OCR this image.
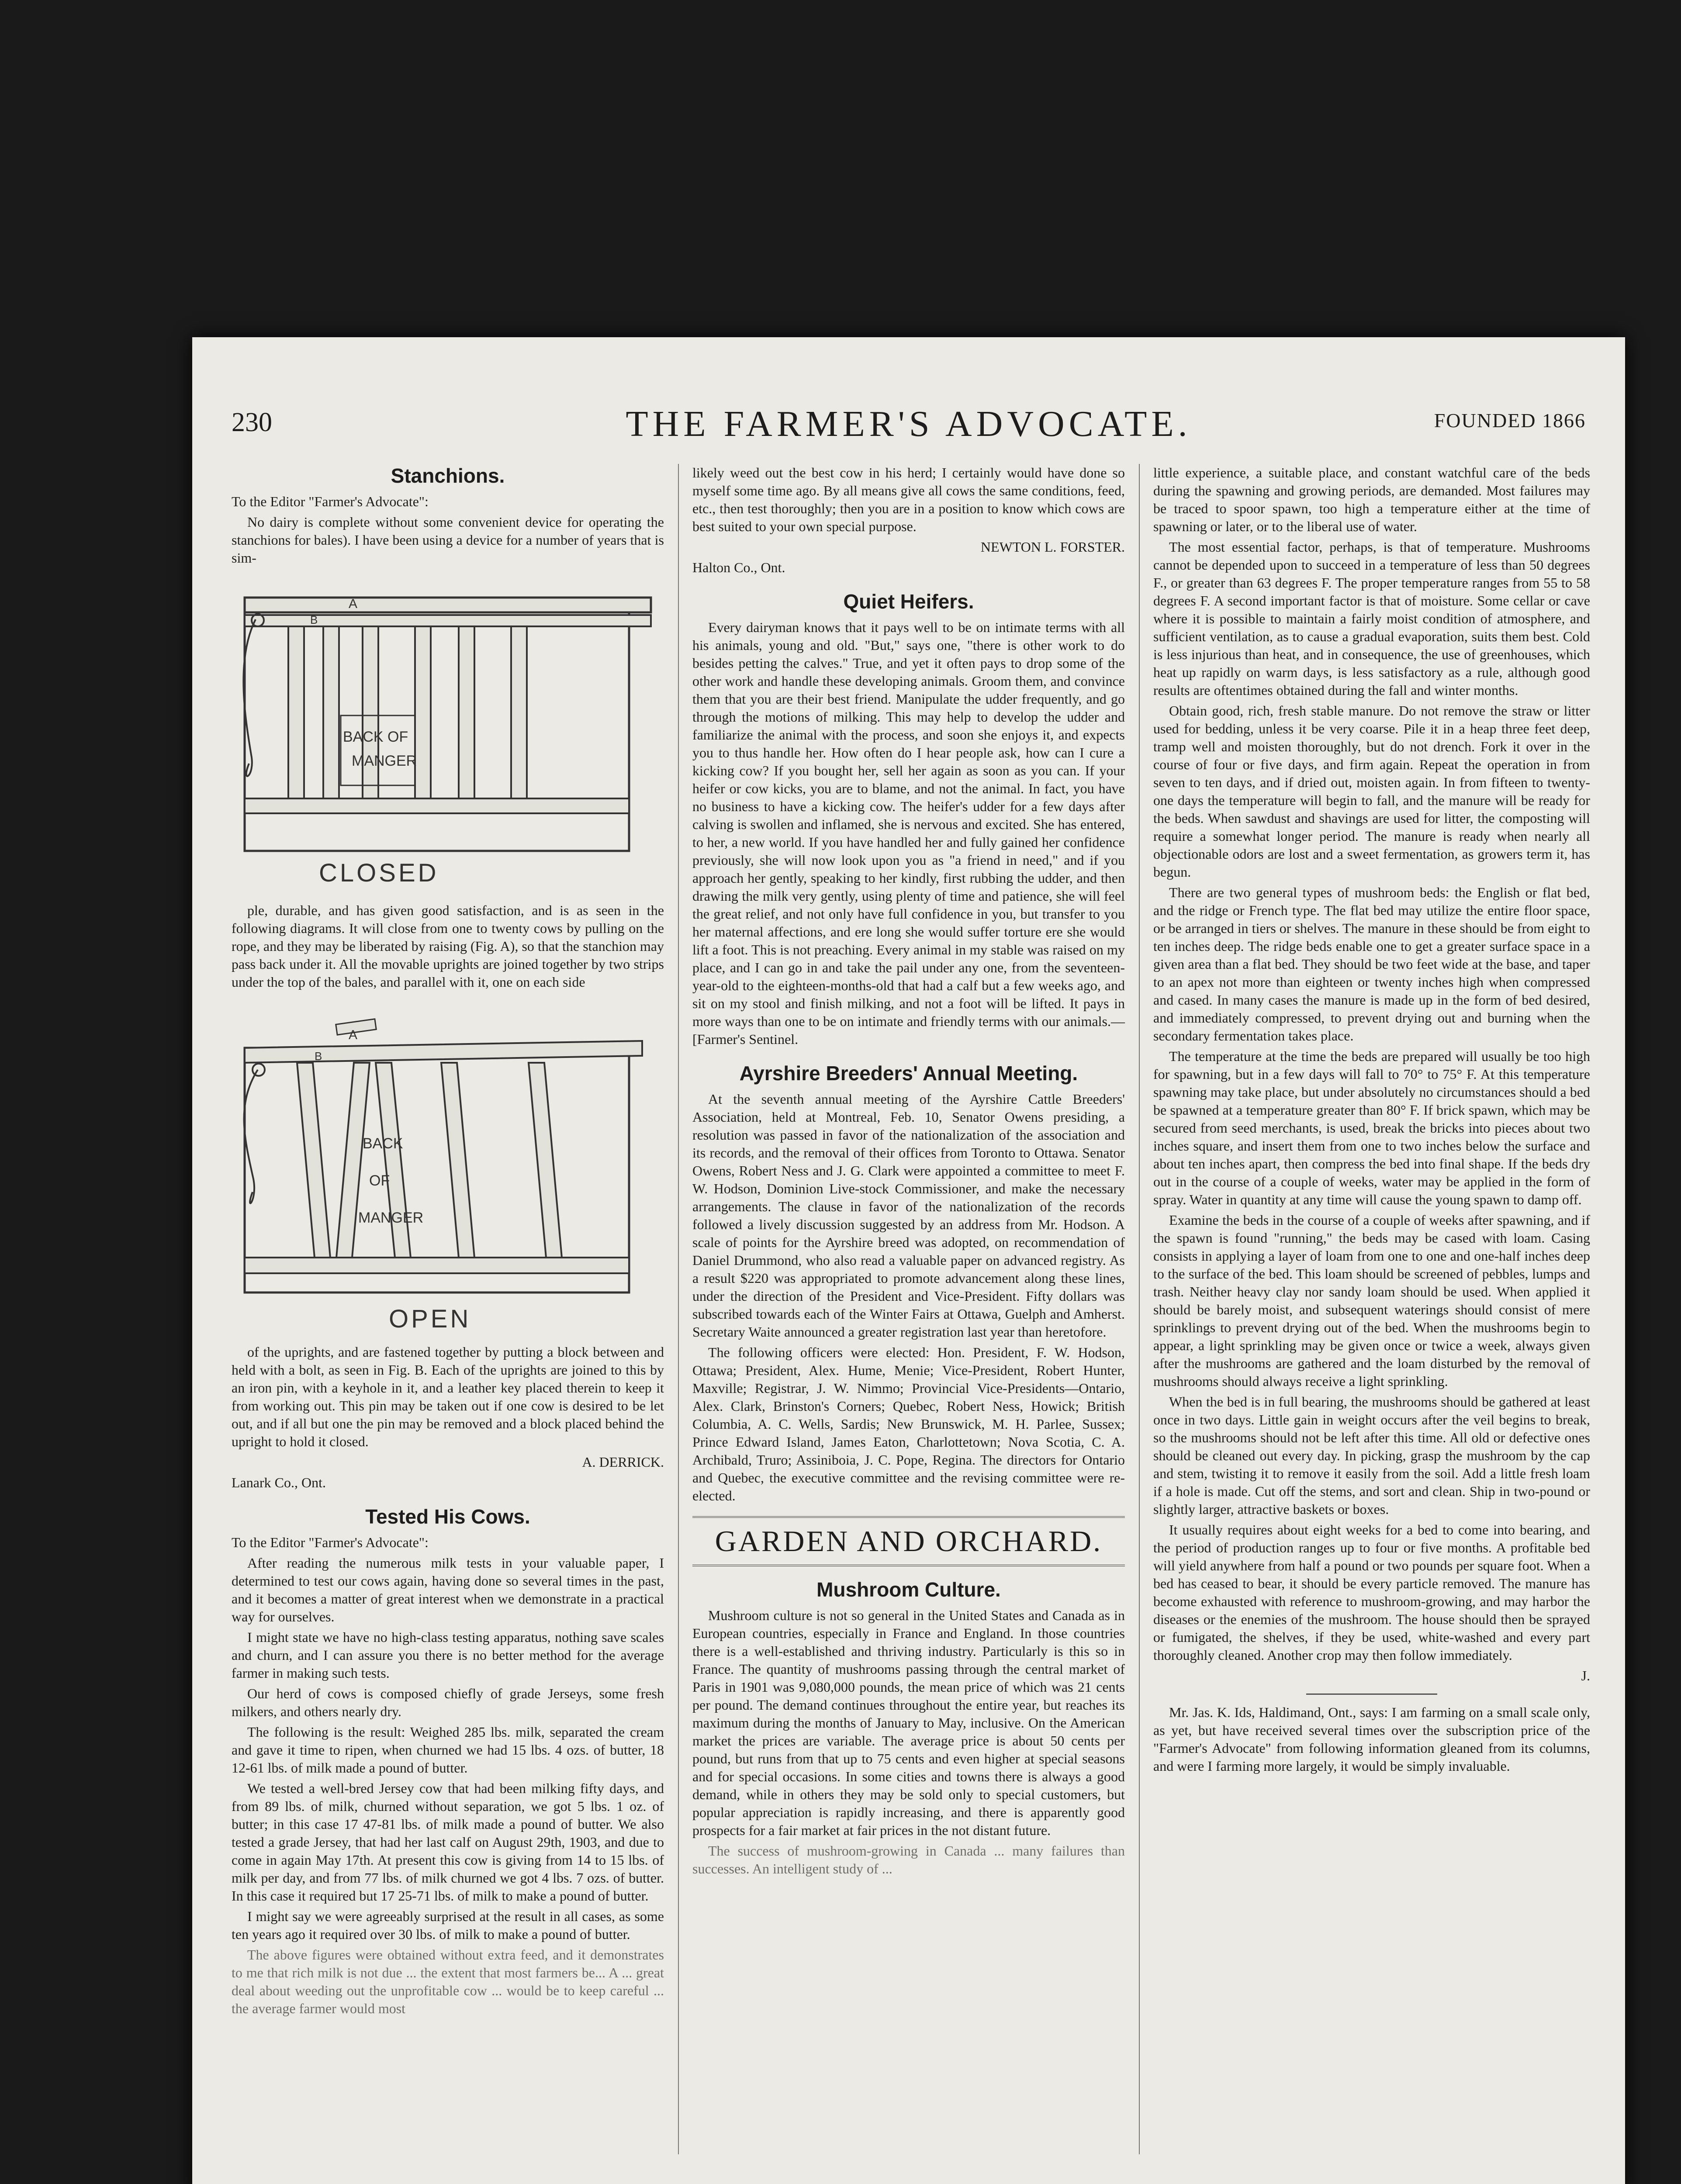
230	THE FARMER'S ADVOCATE.	FOUNDED 1866
Stanchions.

To the Editor "Farmer's Advocate":

No dairy is complete without some convenient device for operating the stanchions for bales). I have been using a device for a number of years that is sim-

BACK OF
MANGER
A
B
CLOSED

ple, durable, and has given good satisfaction, and is as seen in the following diagrams. It will close from one to twenty cows by pulling on the rope, and they may be liberated by raising (Fig. A), so that the stanchion may pass back under it. All the movable uprights are joined together by two strips under the top of the bales, and parallel with it, one on each side

BACK
OF
MANGER
A
B
OPEN

of the uprights, and are fastened together by putting a block between and held with a bolt, as seen in Fig. B. Each of the uprights are joined to this by an iron pin, with a keyhole in it, and a leather key placed therein to keep it from working out. This pin may be taken out if one cow is desired to be let out, and if all but one the pin may be removed and a block placed behind the upright to hold it closed.

A. DERRICK.

Lanark Co., Ont.

Tested His Cows.

To the Editor "Farmer's Advocate":

After reading the numerous milk tests in your valuable paper, I determined to test our cows again, having done so several times in the past, and it becomes a matter of great interest when we demonstrate in a practical way for ourselves.

I might state we have no high-class testing apparatus, nothing save scales and churn, and I can assure you there is no better method for the average farmer in making such tests.

Our herd of cows is composed chiefly of grade Jerseys, some fresh milkers, and others nearly dry.

The following is the result: Weighed 285 lbs. milk, separated the cream and gave it time to ripen, when churned we had 15 lbs. 4 ozs. of butter, 18 12-61 lbs. of milk made a pound of butter.

We tested a well-bred Jersey cow that had been milking fifty days, and from 89 lbs. of milk, churned without separation, we got 5 lbs. 1 oz. of butter; in this case 17 47-81 lbs. of milk made a pound of butter. We also tested a grade Jersey, that had her last calf on August 29th, 1903, and due to come in again May 17th. At present this cow is giving from 14 to 15 lbs. of milk per day, and from 77 lbs. of milk churned we got 4 lbs. 7 ozs. of butter. In this case it required but 17 25-71 lbs. of milk to make a pound of butter.

I might say we were agreeably surprised at the result in all cases, as some ten years ago it required over 30 lbs. of milk to make a pound of butter.

The above figures were obtained without extra feed, and it demonstrates to me that rich milk is not due ... the extent that most farmers be... A ... great deal about weeding out the unprofitable cow ... would be to keep careful ... the average farmer would most

likely weed out the best cow in his herd; I certainly would have done so myself some time ago. By all means give all cows the same conditions, feed, etc., then test thoroughly; then you are in a position to know which cows are best suited to your own special purpose.

NEWTON L. FORSTER.

Halton Co., Ont.

Quiet Heifers.

Every dairyman knows that it pays well to be on intimate terms with all his animals, young and old. "But," says one, "there is other work to do besides petting the calves." True, and yet it often pays to drop some of the other work and handle these developing animals. Groom them, and convince them that you are their best friend. Manipulate the udder frequently, and go through the motions of milking. This may help to develop the udder and familiarize the animal with the process, and soon she enjoys it, and expects you to thus handle her. How often do I hear people ask, how can I cure a kicking cow? If you bought her, sell her again as soon as you can. If your heifer or cow kicks, you are to blame, and not the animal. In fact, you have no business to have a kicking cow. The heifer's udder for a few days after calving is swollen and inflamed, she is nervous and excited. She has entered, to her, a new world. If you have handled her and fully gained her confidence previously, she will now look upon you as "a friend in need," and if you approach her gently, speaking to her kindly, first rubbing the udder, and then drawing the milk very gently, using plenty of time and patience, she will feel the great relief, and not only have full confidence in you, but transfer to you her maternal affections, and ere long she would suffer torture ere she would lift a foot. This is not preaching. Every animal in my stable was raised on my place, and I can go in and take the pail under any one, from the seventeen-year-old to the eighteen-months-old that had a calf but a few weeks ago, and sit on my stool and finish milking, and not a foot will be lifted. It pays in more ways than one to be on intimate and friendly terms with our animals.—[Farmer's Sentinel.

Ayrshire Breeders' Annual Meeting.

At the seventh annual meeting of the Ayrshire Cattle Breeders' Association, held at Montreal, Feb. 10, Senator Owens presiding, a resolution was passed in favor of the nationalization of the association and its records, and the removal of their offices from Toronto to Ottawa. Senator Owens, Robert Ness and J. G. Clark were appointed a committee to meet F. W. Hodson, Dominion Live-stock Commissioner, and make the necessary arrangements. The clause in favor of the nationalization of the records followed a lively discussion suggested by an address from Mr. Hodson. A scale of points for the Ayrshire breed was adopted, on recommendation of Daniel Drummond, who also read a valuable paper on advanced registry. As a result $220 was appropriated to promote advancement along these lines, under the direction of the President and Vice-President. Fifty dollars was subscribed towards each of the Winter Fairs at Ottawa, Guelph and Amherst. Secretary Waite announced a greater registration last year than heretofore.

The following officers were elected: Hon. President, F. W. Hodson, Ottawa; President, Alex. Hume, Menie; Vice-President, Robert Hunter, Maxville; Registrar, J. W. Nimmo; Provincial Vice-Presidents—Ontario, Alex. Clark, Brinston's Corners; Quebec, Robert Ness, Howick; British Columbia, A. C. Wells, Sardis; New Brunswick, M. H. Parlee, Sussex; Prince Edward Island, James Eaton, Charlottetown; Nova Scotia, C. A. Archibald, Truro; Assiniboia, J. C. Pope, Regina. The directors for Ontario and Quebec, the executive committee and the revising committee were re-elected.

GARDEN AND ORCHARD.
Mushroom Culture.

Mushroom culture is not so general in the United States and Canada as in European countries, especially in France and England. In those countries there is a well-established and thriving industry. Particularly is this so in France. The quantity of mushrooms passing through the central market of Paris in 1901 was 9,080,000 pounds, the mean price of which was 21 cents per pound. The demand continues throughout the entire year, but reaches its maximum during the months of January to May, inclusive. On the American market the prices are variable. The average price is about 50 cents per pound, but runs from that up to 75 cents and even higher at special seasons and for special occasions. In some cities and towns there is always a good demand, while in others they may be sold only to special customers, but popular appreciation is rapidly increasing, and there is apparently good prospects for a fair market at fair prices in the not distant future.

The success of mushroom-growing in Canada ... many failures than successes. An intelligent study of ...

little experience, a suitable place, and constant watchful care of the beds during the spawning and growing periods, are demanded. Most failures may be traced to spoor spawn, too high a temperature either at the time of spawning or later, or to the liberal use of water.

The most essential factor, perhaps, is that of temperature. Mushrooms cannot be depended upon to succeed in a temperature of less than 50 degrees F., or greater than 63 degrees F. The proper temperature ranges from 55 to 58 degrees F. A second important factor is that of moisture. Some cellar or cave where it is possible to maintain a fairly moist condition of atmosphere, and sufficient ventilation, as to cause a gradual evaporation, suits them best. Cold is less injurious than heat, and in consequence, the use of greenhouses, which heat up rapidly on warm days, is less satisfactory as a rule, although good results are oftentimes obtained during the fall and winter months.

Obtain good, rich, fresh stable manure. Do not remove the straw or litter used for bedding, unless it be very coarse. Pile it in a heap three feet deep, tramp well and moisten thoroughly, but do not drench. Fork it over in the course of four or five days, and firm again. Repeat the operation in from seven to ten days, and if dried out, moisten again. In from fifteen to twenty-one days the temperature will begin to fall, and the manure will be ready for the beds. When sawdust and shavings are used for litter, the composting will require a somewhat longer period. The manure is ready when nearly all objectionable odors are lost and a sweet fermentation, as growers term it, has begun.

There are two general types of mushroom beds: the English or flat bed, and the ridge or French type. The flat bed may utilize the entire floor space, or be arranged in tiers or shelves. The manure in these should be from eight to ten inches deep. The ridge beds enable one to get a greater surface space in a given area than a flat bed. They should be two feet wide at the base, and taper to an apex not more than eighteen or twenty inches high when compressed and cased. In many cases the manure is made up in the form of bed desired, and immediately compressed, to prevent drying out and burning when the secondary fermentation takes place.

The temperature at the time the beds are prepared will usually be too high for spawning, but in a few days will fall to 70° to 75° F. At this temperature spawning may take place, but under absolutely no circumstances should a bed be spawned at a temperature greater than 80° F. If brick spawn, which may be secured from seed merchants, is used, break the bricks into pieces about two inches square, and insert them from one to two inches below the surface and about ten inches apart, then compress the bed into final shape. If the beds dry out in the course of a couple of weeks, water may be applied in the form of spray. Water in quantity at any time will cause the young spawn to damp off.

Examine the beds in the course of a couple of weeks after spawning, and if the spawn is found "running," the beds may be cased with loam. Casing consists in applying a layer of loam from one to one and one-half inches deep to the surface of the bed. This loam should be screened of pebbles, lumps and trash. Neither heavy clay nor sandy loam should be used. When applied it should be barely moist, and subsequent waterings should consist of mere sprinklings to prevent drying out of the bed. When the mushrooms begin to appear, a light sprinkling may be given once or twice a week, always given after the mushrooms are gathered and the loam disturbed by the removal of mushrooms should always receive a light sprinkling.

When the bed is in full bearing, the mushrooms should be gathered at least once in two days. Little gain in weight occurs after the veil begins to break, so the mushrooms should not be left after this time. All old or defective ones should be cleaned out every day. In picking, grasp the mushroom by the cap and stem, twisting it to remove it easily from the soil. Add a little fresh loam if a hole is made. Cut off the stems, and sort and clean. Ship in two-pound or slightly larger, attractive baskets or boxes.

It usually requires about eight weeks for a bed to come into bearing, and the period of production ranges up to four or five months. A profitable bed will yield anywhere from half a pound or two pounds per square foot. When a bed has ceased to bear, it should be every particle removed. The manure has become exhausted with reference to mushroom-growing, and may harbor the diseases or the enemies of the mushroom. The house should then be sprayed or fumigated, the shelves, if they be used, white-washed and every part thoroughly cleaned. Another crop may then follow immediately.

J.

Mr. Jas. K. Ids, Haldimand, Ont., says: I am farming on a small scale only, as yet, but have received several times over the subscription price of the "Farmer's Advocate" from following information gleaned from its columns, and were I farming more largely, it would be simply invaluable.
